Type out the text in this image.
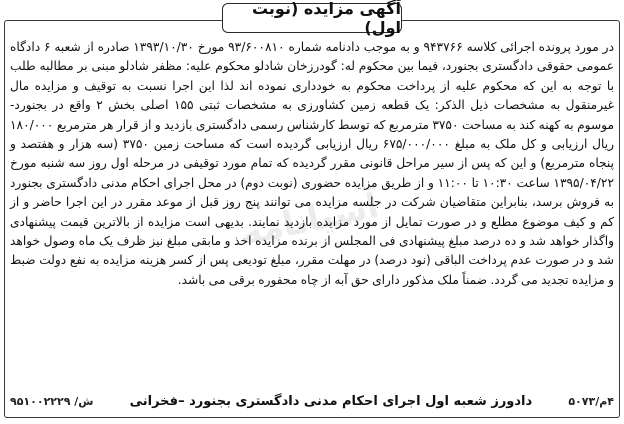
آسیانامه
آگهی مزایده (نوبت اول)
در مورد پرونده اجرائی کلاسه ۹۴۳۷۶۶ و به موجب دادنامه شماره ۹۳/۶۰۰۸۱۰ مورخ ۱۳۹۳/۱۰/۳۰ صادره از شعبه ۶ دادگاه عمومی حقوقی دادگستری بجنورد، فیما بین محکوم له: گودرزخان شادلو محکوم علیه: مظفر شادلو مبنی بر مطالبه طلب با توجه به این که محکوم علیه از پرداخت محکوم به خودداری نموده اند لذا این اجرا نسبت به توقیف و مزایده مال غیرمنقول به مشخصات ذیل الذکر: یک قطعه زمین کشاورزی به مشخصات ثبتی ۱۵۵ اصلی بخش ۲ واقع در بجنورد- موسوم به کهنه کند به مساحت ۳۷۵۰ مترمربع که توسط کارشناس رسمی دادگستری بازدید و از قرار هر مترمربع ۱۸۰/۰۰۰ ریال ارزیابی و کل ملک به مبلغ ۶۷۵/۰۰۰/۰۰۰ ریال ارزیابی گردیده است که مساحت زمین ۳۷۵۰ (سه هزار و هفتصد و پنجاه مترمربع) و این که پس از سیر مراحل قانونی مقرر گردیده که تمام مورد توقیفی در مرحله اول روز سه شنبه مورخ ۱۳۹۵/۰۴/۲۲ ساعت ۱۰:۳۰ تا ۱۱:۰۰ و از طریق مزایده حضوری (نوبت دوم) در محل اجرای احکام مدنی دادگستری بجنورد به فروش برسد، بنابراین متقاضیان شرکت در جلسه مزایده می توانند پنج روز قبل از موعد مقرر در این اجرا حاضر و از کم و کیف موضوع مطلع و در صورت تمایل از مورد مزایده بازدید نمایند. بدیهی است مزایده از بالاترین قیمت پیشنهادی واگذار خواهد شد و ده درصد مبلغ پیشنهادی فی المجلس از برنده مزایده اخذ و مابقی مبلغ نیز ظرف یک ماه وصول خواهد شد و در صورت عدم پرداخت الباقی (نود درصد) در مهلت مقرر، مبلغ تودیعی پس از کسر هزینه مزایده به نفع دولت ضبط و مزایده تجدید می گردد. ضمناً ملک مذکور دارای حق آبه از چاه محفوره برقی می باشد.
۴م/۵۰۷۳
دادورز شعبه اول اجرای احکام مدنی دادگستری بجنورد –فخرانی
۹۵۱۰۰۲۲۲۹ /ش
